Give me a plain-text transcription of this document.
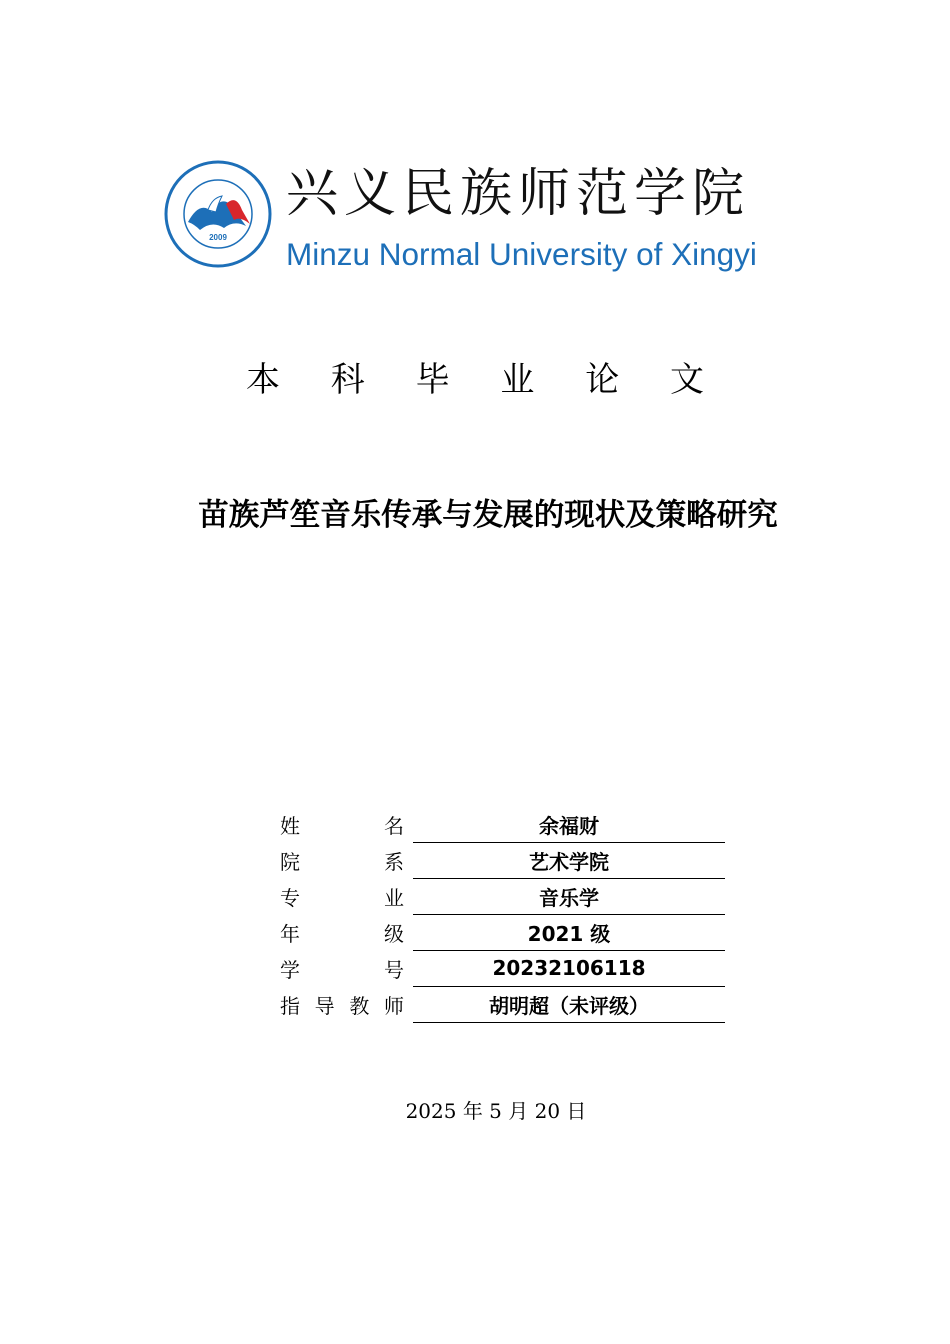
2009
兴义民族师范学院
Minzu Normal University of Xingyi
本 科 毕 业 论 文
苗族芦笙音乐传承与发展的现状及策略研究
姓	名	余福财
院	系	艺术学院
专	业	音乐学
年	级	2021 级
学	号	20232106118
指 导 教 师	胡明超（未评级）
2025 年 5 月 20 日
